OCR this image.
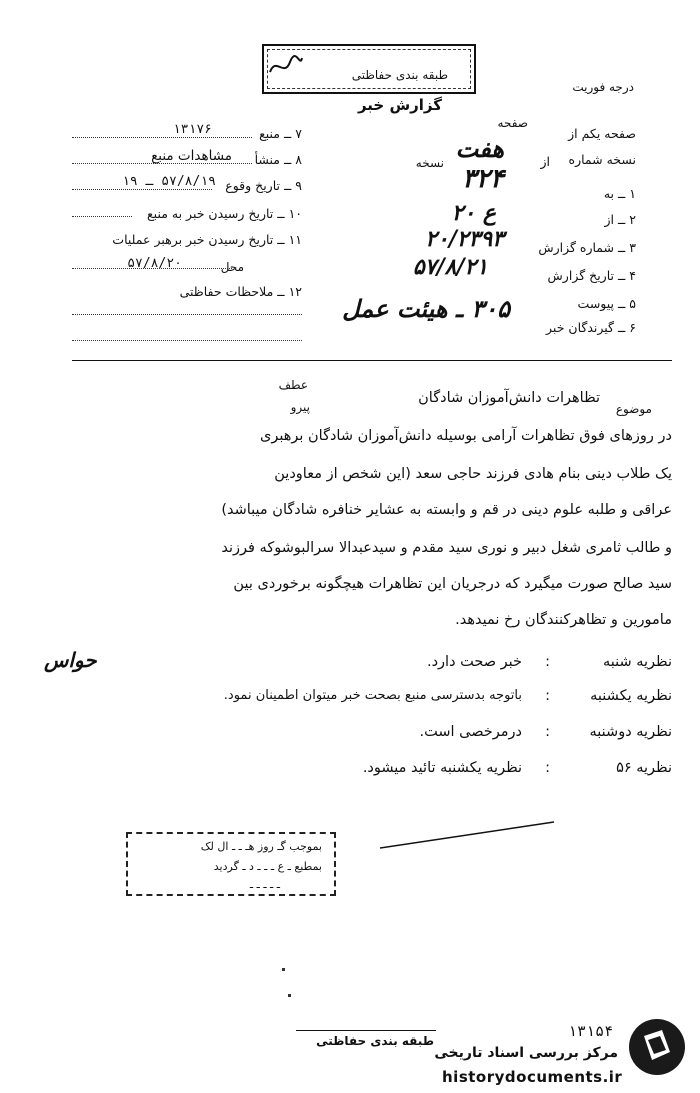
طبقه بندی حفاظتی
گزارش خبر
درجه فوریت
۷ ــ منبع
۱۳۱۷۶
۸ ــ منشأ
مشاهدات منبع
۹ ــ تاریخ وقوع
۵۷/۸/۱۹ ـ ۱۹
۱۰ ــ تاریخ رسیدن خبر به منبع
۱۱ ــ تاریخ رسیدن خبر برهبر عملیات
محل
۵۷/۸/۲۰
۱۲ ــ ملاحظات حفاظتی
صفحه یکم از
صفحه
نسخه شماره
از
هفت
نسخه
۱ ــ به
۳۲۴
۲ ــ از
ع ۲۰
۳ ــ شماره گزارش
۲۰/۲۳۹۳
۴ ــ تاریخ گزارش
۵۷/۸/۲۱
۵ ــ پیوست
۶ ــ گیرندگان خبر
۳۰۵ ـ هیئت عمل
موضوع
تظاهرات دانش‌آموزان شادگان
عطف
پیرو
در روزهای فوق تظاهرات آرامی بوسیله دانش‌آموزان شادگان برهبری
یک طلاب دینی بنام هادی فرزند حاجی سعد (این شخص از معاودین
عراقی و طلبه علوم دینی در قم و وابسته به عشایر خنافره شادگان میباشد)
و طالب ثامری شغل دبیر و نوری سید مقدم و سیدعبدالا سرالبوشوکه فرزند
سید صالح صورت میگیرد که درجریان این تظاهرات هیچگونه برخوردی بین
مامورین و تظاهرکنندگان رخ نمیدهد.
حواس	نظریه شنبه
:
خبر صحت دارد.
نظریه یکشنبه
:
باتوجه بدسترسی منبع بصحت خبر میتوان اطمینان نمود.
نظریه دوشنبه
:
درمرخصی است.
نظریه ۵۶
:
نظریه یکشنبه تائید میشود.
بموجب گـ روز هـ ـ ـ ال لک
بمطبع ـ ع ـ ـ ـ د ـ گردید
ـ ـ ـ ـ ـ
طبقه بندی حفاظتی
۱۳۱۵۴
مرکز بررسی اسناد تاریخی
historydocuments.ir
